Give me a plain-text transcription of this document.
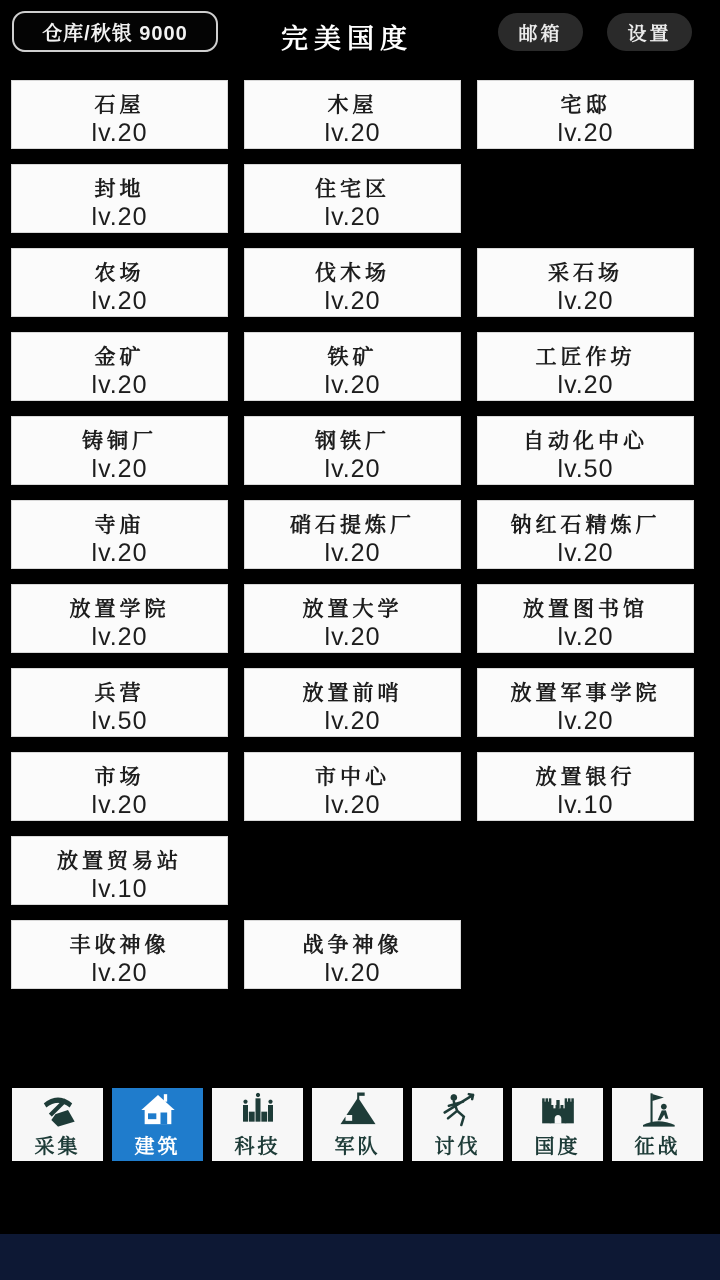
仓库/秋银 9000	完美国度	邮箱	设置
石屋
lv.20
木屋
lv.20
宅邸
lv.20
封地
lv.20
住宅区
lv.20
农场
lv.20
伐木场
lv.20
采石场
lv.20
金矿
lv.20
铁矿
lv.20
工匠作坊
lv.20
铸铜厂
lv.20
钢铁厂
lv.20
自动化中心
lv.50
寺庙
lv.20
硝石提炼厂
lv.20
钠红石精炼厂
lv.20
放置学院
lv.20
放置大学
lv.20
放置图书馆
lv.20
兵营
lv.50
放置前哨
lv.20
放置军事学院
lv.20
市场
lv.20
市中心
lv.20
放置银行
lv.10
放置贸易站
lv.10
丰收神像
lv.20
战争神像
lv.20
采集	建筑	科技	军队	讨伐	国度	征战
